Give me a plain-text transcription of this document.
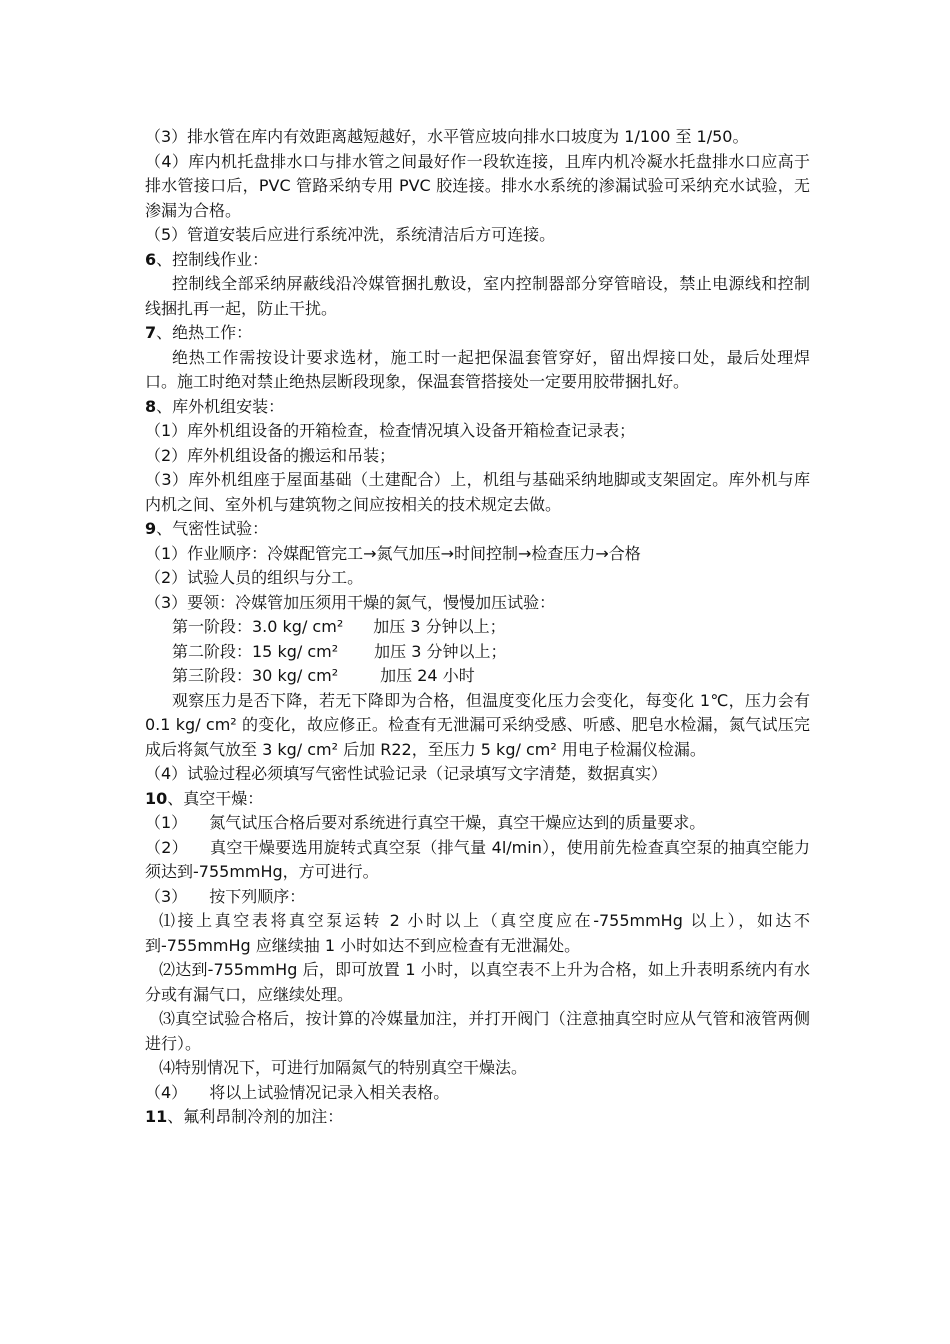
（3）排水管在库内有效距离越短越好，水平管应坡向排水口坡度为 1/100 至 1/50。
（4）库内机托盘排水口与排水管之间最好作一段软连接，且库内机冷凝水托盘排水口应高于排水管接口后，PVC 管路采纳专用 PVC 胶连接。排水水系统的渗漏试验可采纳充水试验，无渗漏为合格。
（5）管道安装后应进行系统冲洗，系统清洁后方可连接。
6、控制线作业：
控制线全部采纳屏蔽线沿冷媒管捆扎敷设，室内控制器部分穿管暗设，禁止电源线和控制线捆扎再一起，防止干扰。
7、绝热工作：
绝热工作需按设计要求选材，施工时一起把保温套管穿好，留出焊接口处，最后处理焊口。施工时绝对禁止绝热层断段现象，保温套管搭接处一定要用胶带捆扎好。
8、库外机组安装：
（1）库外机组设备的开箱检查，检查情况填入设备开箱检查记录表；
（2）库外机组设备的搬运和吊装；
（3）库外机组座于屋面基础（土建配合）上，机组与基础采纳地脚或支架固定。库外机与库内机之间、室外机与建筑物之间应按相关的技术规定去做。
9、气密性试验：
（1）作业顺序：冷媒配管完工→氮气加压→时间控制→检查压力→合格
（2）试验人员的组织与分工。
（3）要领：冷媒管加压须用干燥的氮气，慢慢加压试验：
第一阶段：3.0 kg/ cm² 加压 3 分钟以上；
第二阶段：15 kg/ cm² 加压 3 分钟以上；
第三阶段：30 kg/ cm²	加压 24 小时
观察压力是否下降，若无下降即为合格，但温度变化压力会变化，每变化 1℃，压力会有 0.1 kg/ cm² 的变化，故应修正。检查有无泄漏可采纳受感、听感、肥皂水检漏，氮气试压完成后将氮气放至 3 kg/ cm² 后加 R22，至压力 5 kg/ cm² 用电子检漏仪检漏。
（4）试验过程必须填写气密性试验记录（记录填写文字清楚，数据真实）
10、真空干燥：
（1） 氮气试压合格后要对系统进行真空干燥，真空干燥应达到的质量要求。
（2） 真空干燥要选用旋转式真空泵（排气量 4l/min），使用前先检查真空泵的抽真空能力须达到-755mmHg，方可进行。
（3） 按下列顺序：
⑴接上真空表将真空泵运转 2 小时以上（真空度应在-755mmHg 以上），如达不到-755mmHg 应继续抽 1 小时如达不到应检查有无泄漏处。
⑵达到-755mmHg 后，即可放置 1 小时，以真空表不上升为合格，如上升表明系统内有水分或有漏气口，应继续处理。
⑶真空试验合格后，按计算的冷媒量加注，并打开阀门（注意抽真空时应从气管和液管两侧进行）。
⑷特别情况下，可进行加隔氮气的特别真空干燥法。
（4） 将以上试验情况记录入相关表格。
11、氟利昂制冷剂的加注：
